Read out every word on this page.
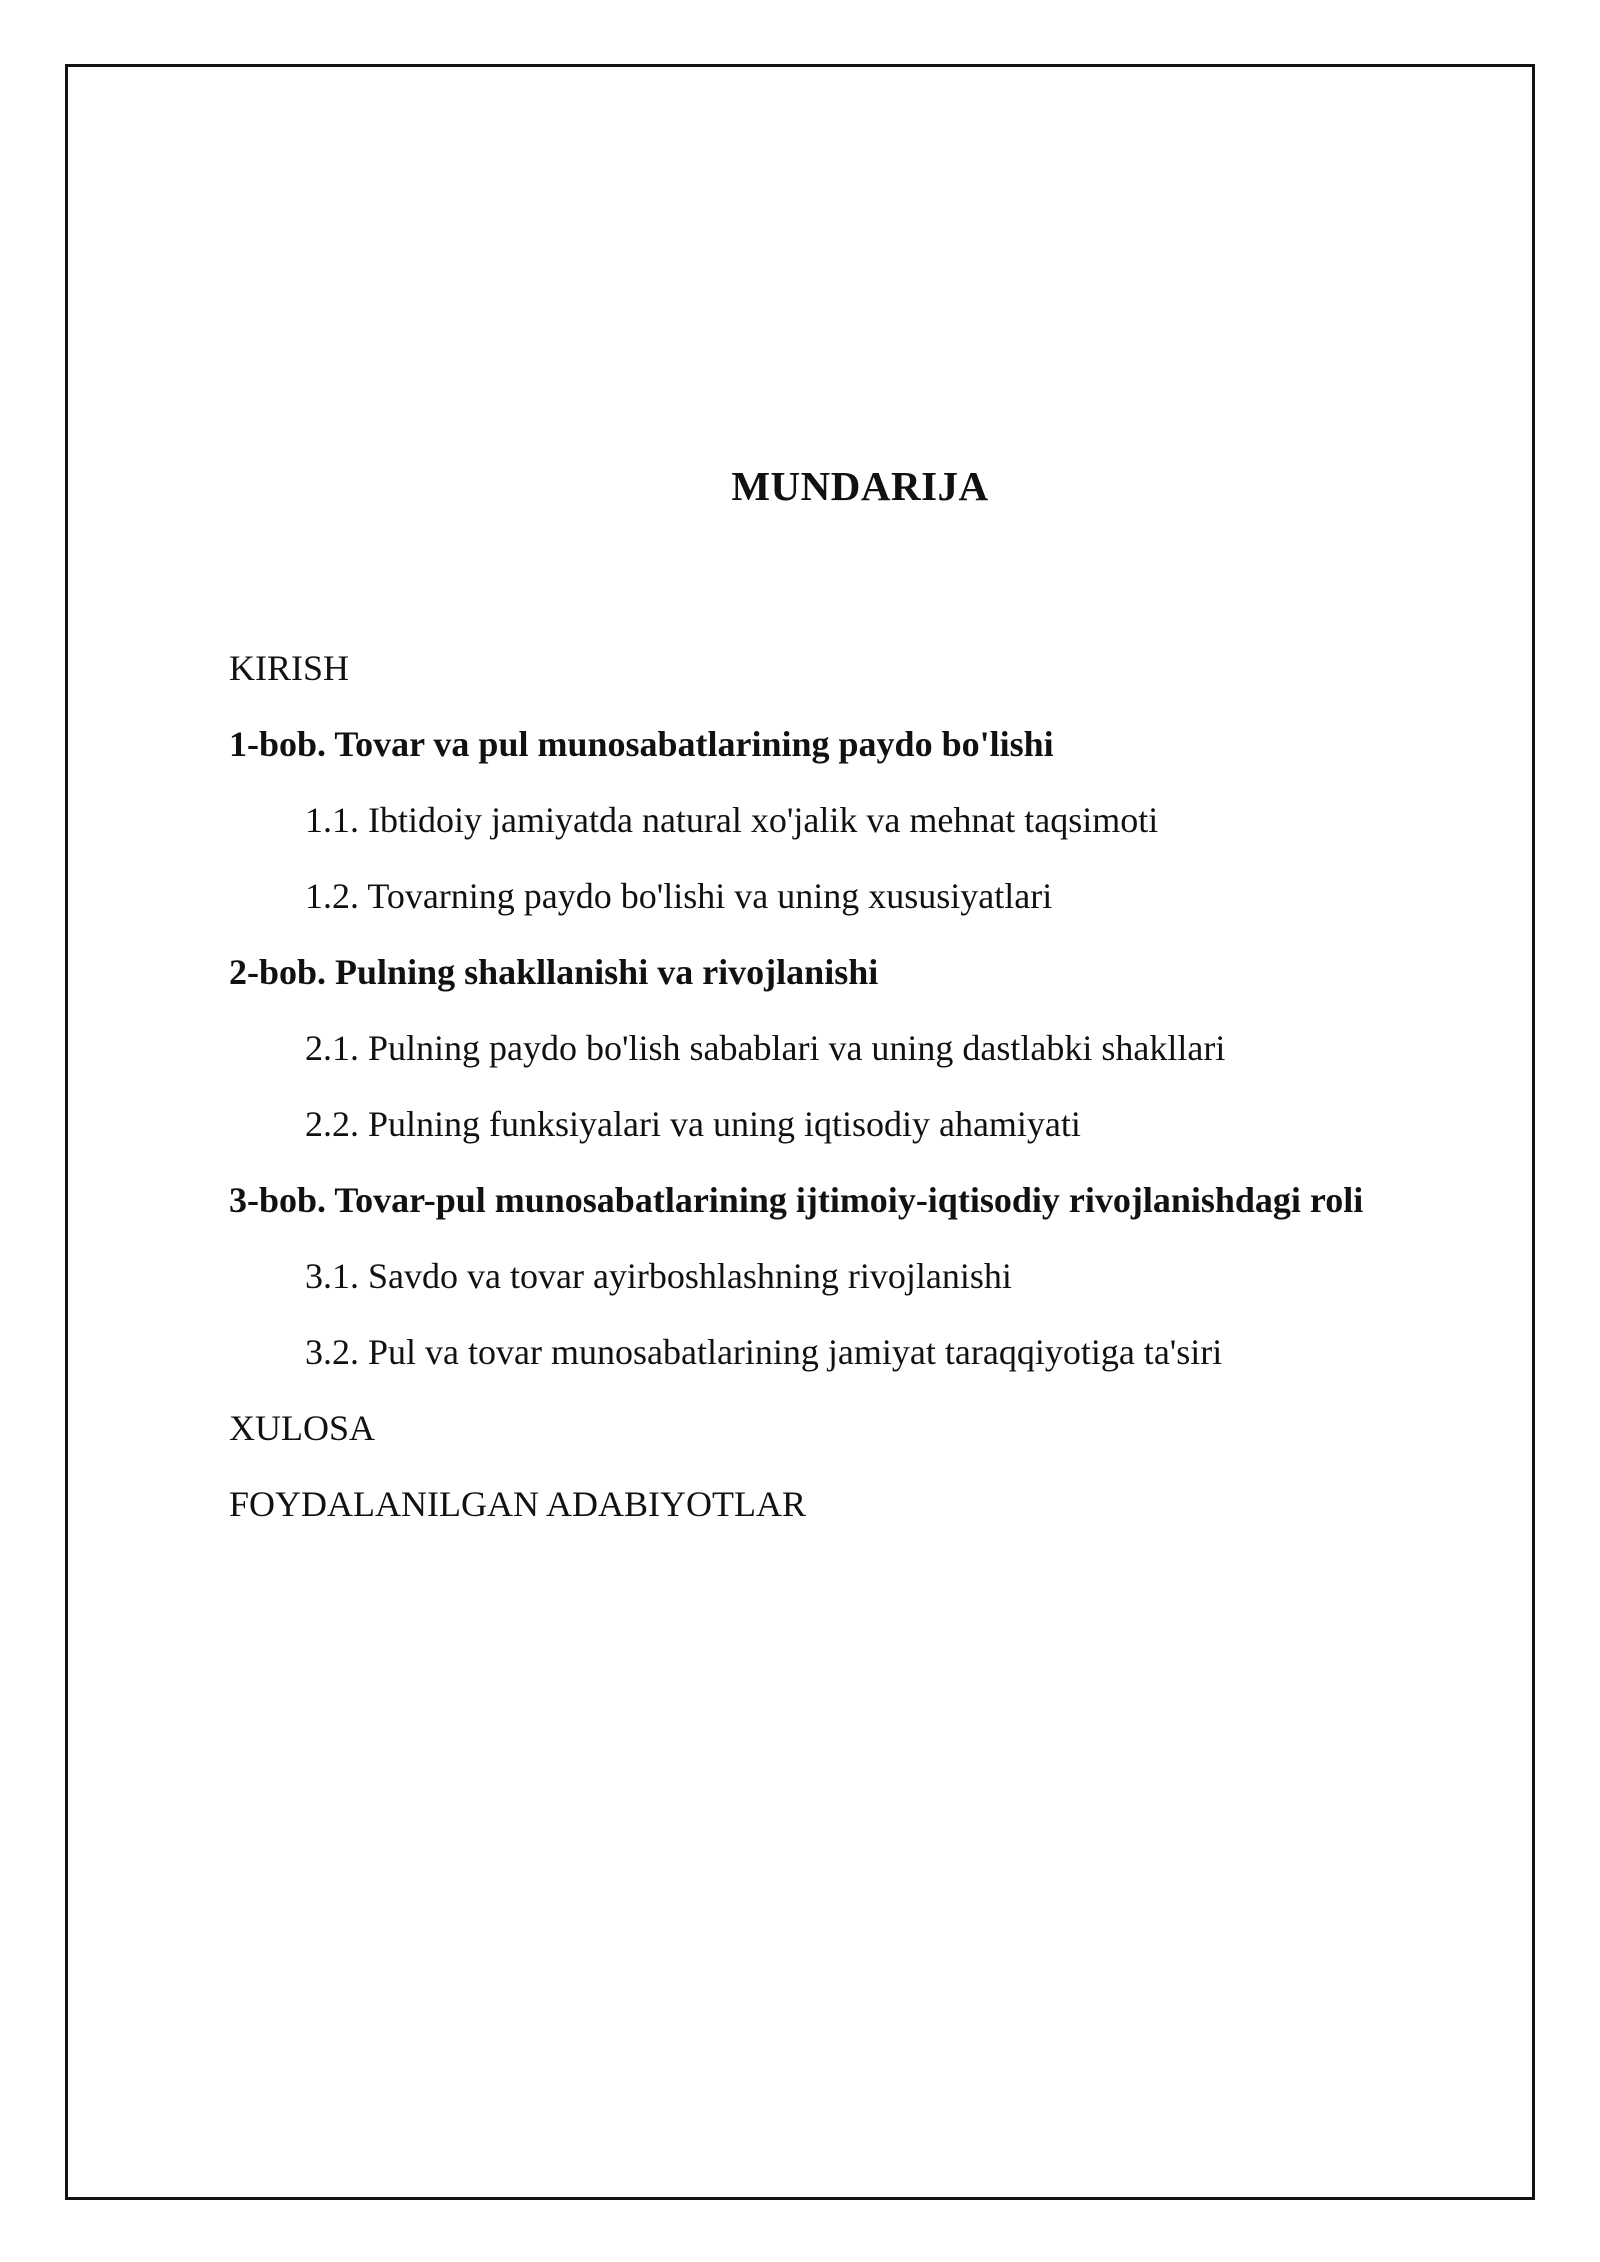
MUNDARIJA
KIRISH
1-bob. Tovar va pul munosabatlarining paydo bo'lishi
1.1. Ibtidoiy jamiyatda natural xo'jalik va mehnat taqsimoti
1.2. Tovarning paydo bo'lishi va uning xususiyatlari
2-bob. Pulning shakllanishi va rivojlanishi
2.1. Pulning paydo bo'lish sabablari va uning dastlabki shakllari
2.2. Pulning funksiyalari va uning iqtisodiy ahamiyati
3-bob. Tovar-pul munosabatlarining ijtimoiy-iqtisodiy rivojlanishdagi roli
3.1. Savdo va tovar ayirboshlashning rivojlanishi
3.2. Pul va tovar munosabatlarining jamiyat taraqqiyotiga ta'siri
XULOSA
FOYDALANILGAN ADABIYOTLAR
